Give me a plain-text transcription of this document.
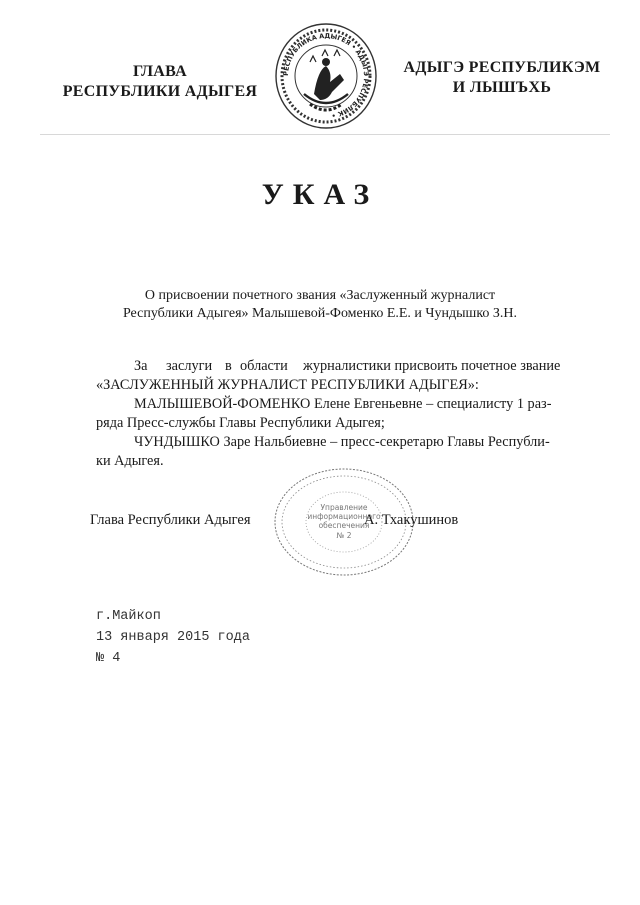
ГЛАВА
РЕСПУБЛИКИ АДЫГЕЯ
РЕСПУБЛИКА АДЫГЕЯ • АДЫГЭ РЕСПУБЛИК •
АДЫГЭ РЕСПУБЛИКЭМ
И ЛЫШЪХЬ
УКАЗ
О присвоении почетного звания «Заслуженный журналист
Республики Адыгея» Малышевой-Фоменко Е.Е. и Чундышко З.Н.
За заслуги в области журналистики присвоить почетное звание
«ЗАСЛУЖЕННЫЙ ЖУРНАЛИСТ РЕСПУБЛИКИ АДЫГЕЯ»:
МАЛЫШЕВОЙ-ФОМЕНКО Елене Евгеньевне – специалисту 1 раз-
ряда Пресс-службы Главы Республики Адыгея;
ЧУНДЫШКО Заре Нальбиевне – пресс-секретарю Главы Республи-
ки Адыгея.
Управление
информационного
обеспечения
№ 2
Глава Республики Адыгея	А. Тхакушинов
г.Майкоп
13 января 2015 года
№ 4
